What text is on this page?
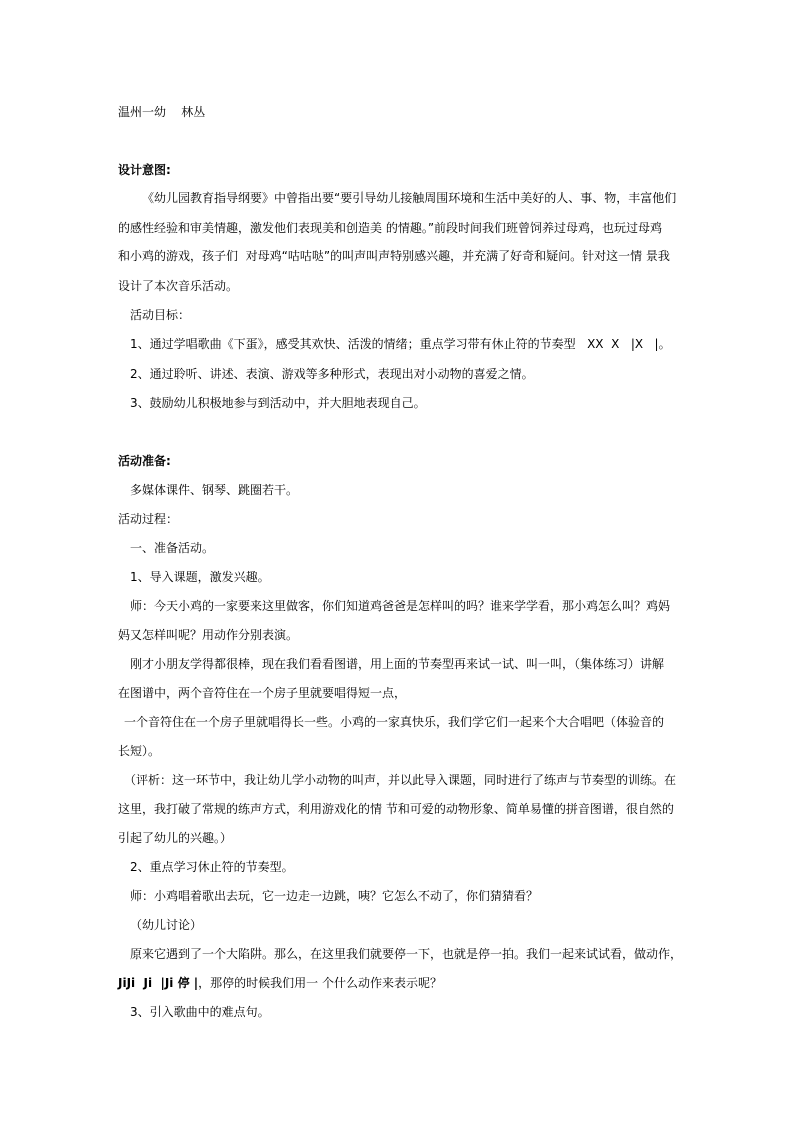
温州一幼    林丛

设计意图:

《幼儿园教育指导纲要》中曾指出要“要引导幼儿接触周围环境和生活中美好的人、事、物，丰富他们

的感性经验和审美情趣，激发他们表现美和创造美 的情趣。”前段时间我们班曾饲养过母鸡，也玩过母鸡

和小鸡的游戏，孩子们  对母鸡“咕咕哒”的叫声叫声特别感兴趣，并充满了好奇和疑问。针对这一情 景我

设计了本次音乐活动。

活动目标：

1、通过学唱歌曲《下蛋》，感受其欢快、活泼的情绪；重点学习带有休止符的节奏型   XX  X   |X   |。

2、通过聆听、讲述、表演、游戏等多种形式，表现出对小动物的喜爱之情。

3、鼓励幼儿积极地参与到活动中，并大胆地表现自己。

活动准备:

多媒体课件、钢琴、跳圈若干。

活动过程：

一、准备活动。

1、导入课题，激发兴趣。

师：今天小鸡的一家要来这里做客，你们知道鸡爸爸是怎样叫的吗？谁来学学看，那小鸡怎么叫？鸡妈

妈又怎样叫呢？用动作分别表演。

刚才小朋友学得都很棒，现在我们看看图谱，用上面的节奏型再来试一试、叫一叫，（集体练习）讲解

在图谱中，两个音符住在一个房子里就要唱得短一点，

一个音符住在一个房子里就唱得长一些。小鸡的一家真快乐，我们学它们一起来个大合唱吧（体验音的

长短）。

（评析：这一环节中，我让幼儿学小动物的叫声，并以此导入课题，同时进行了练声与节奏型的训练。在

这里，我打破了常规的练声方式，利用游戏化的情 节和可爱的动物形象、简单易懂的拼音图谱，很自然的

引起了幼儿的兴趣。）

2、重点学习休止符的节奏型。

师：小鸡唱着歌出去玩，它一边走一边跳，咦？它怎么不动了，你们猜猜看？

（幼儿讨论）

原来它遇到了一个大陷阱。那么，在这里我们就要停一下，也就是停一拍。我们一起来试试看，做动作，

JiJi  Ji  |Ji 停 |，那停的时候我们用一 个什么动作来表示呢？

3、引入歌曲中的难点句。
